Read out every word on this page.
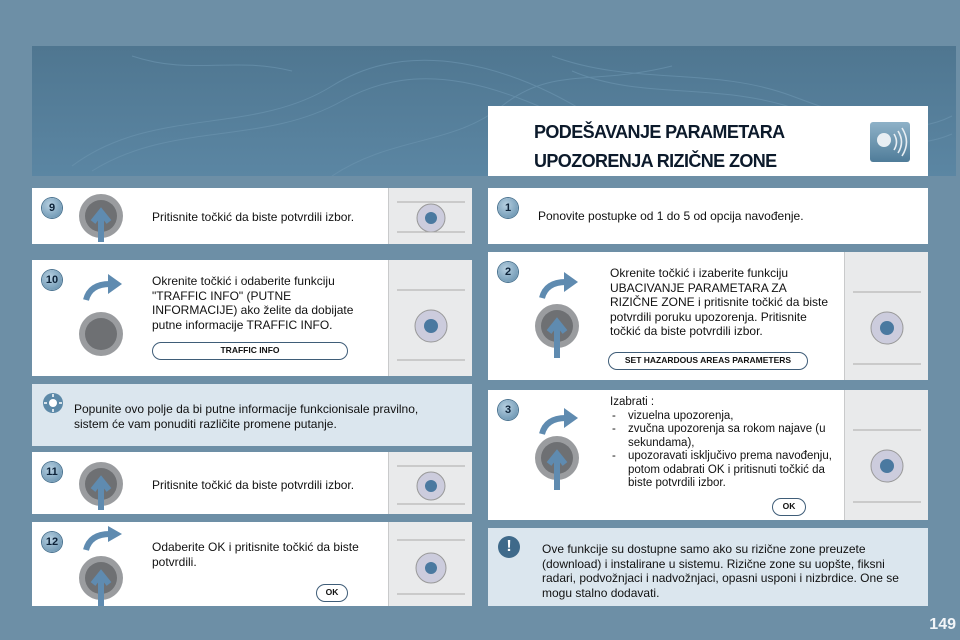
PODEŠAVANJE PARAMETARA UPOZORENJA RIZIČNE ZONE
9
Pritisnite točkić da biste potvrdili izbor.
10	Okrenite točkić i odaberite funkciju "TRAFFIC INFO" (PUTNE INFORMACIJE) ako želite da dobijate putne informacije TRAFFIC INFO.
TRAFFIC INFO
Popunite ovo polje da bi putne informacije funkcionisale pravilno, sistem će vam ponuditi različite promene putanje.
11
Pritisnite točkić da biste potvrdili izbor.
12	Odaberite OK i pritisnite točkić da biste potvrdili.
OK
1
Ponovite postupke od 1 do 5 od opcija navođenje.
2	Okrenite točkić i izaberite funkciju UBACIVANJE PARAMETARA ZA RIZIČNE ZONE i pritisnite točkić da biste potvrdili poruku upozorenja. Pritisnite točkić da biste potvrdili izbor.
SET HAZARDOUS AREAS PARAMETERS
3
Izabrati :
- vizuelna upozorenja,
- zvučna upozorenja sa rokom najave (u sekundama),
- upozoravati isključivo prema navođenju, potom odabrati OK i pritisnuti točkić da biste potvrdili izbor.
OK
!	Ove funkcije su dostupne samo ako su rizične zone preuzete (download) i instalirane u sistemu. Rizične zone su uopšte, fiksni radari, podvožnjaci i nadvožnjaci, opasni usponi i nizbrdice. One se mogu stalno dodavati.
149
